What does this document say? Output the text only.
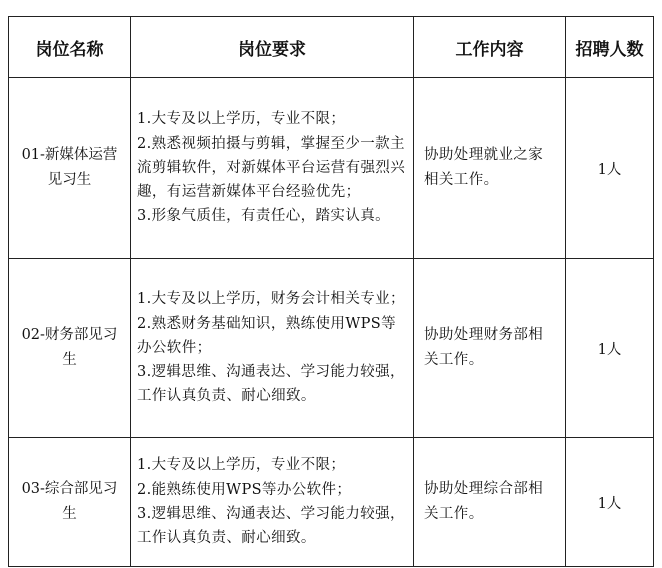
岗位名称	岗位要求	工作内容	招聘人数
01-新媒体运营见习生	1.大专及以上学历，专业不限；
2.熟悉视频拍摄与剪辑，掌握至少一款主流剪辑软件，对新媒体平台运营有强烈兴趣，有运营新媒体平台经验优先；
3.形象气质佳，有责任心，踏实认真。	协助处理就业之家相关工作。	1人
02-财务部见习生	1.大专及以上学历，财务会计相关专业；
2.熟悉财务基础知识，熟练使用WPS等办公软件；
3.逻辑思维、沟通表达、学习能力较强，工作认真负责、耐心细致。	协助处理财务部相关工作。	1人
03-综合部见习生	1.大专及以上学历，专业不限；
2.能熟练使用WPS等办公软件；
3.逻辑思维、沟通表达、学习能力较强，工作认真负责、耐心细致。	协助处理综合部相关工作。	1人
